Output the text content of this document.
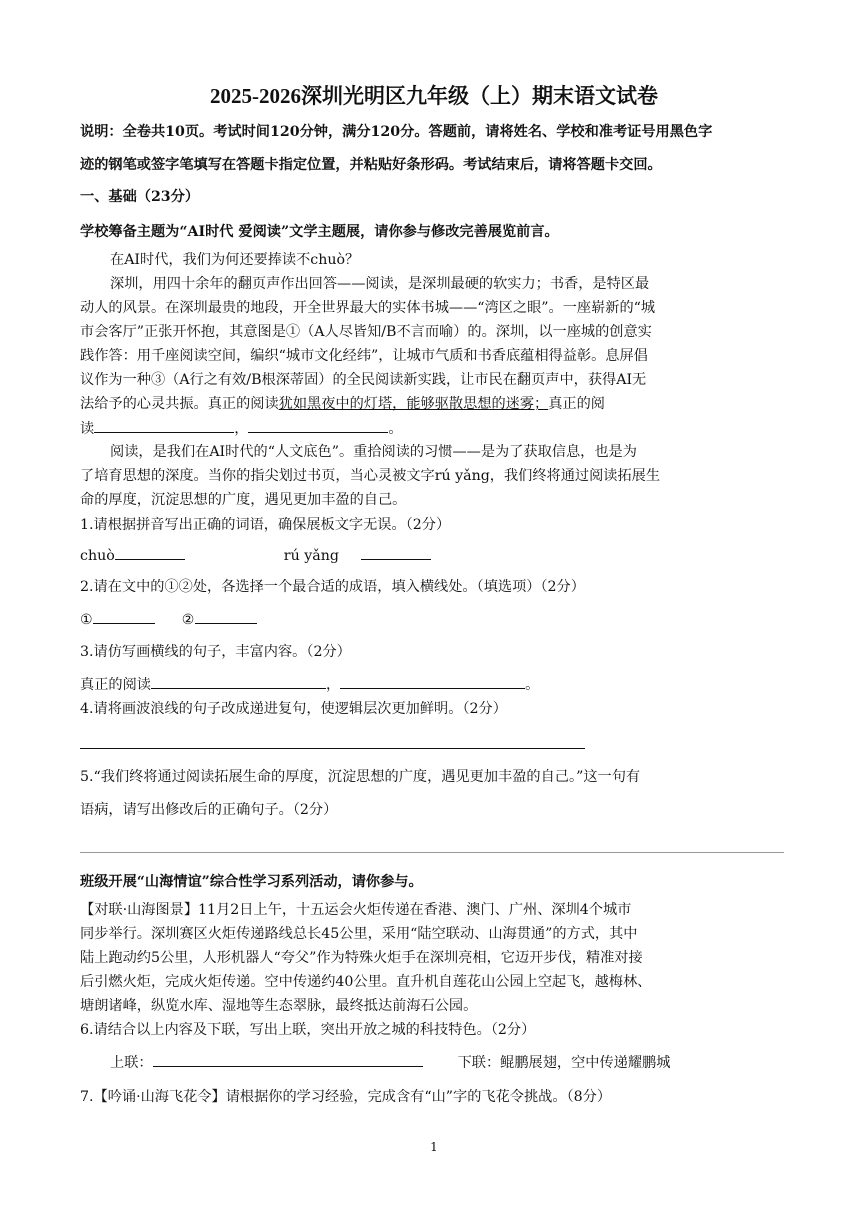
2025-2026深圳光明区九年级（上）期末语文试卷
说明：全卷共10页。考试时间120分钟，满分120分。答题前，请将姓名、学校和准考证号用黑色字
迹的钢笔或签字笔填写在答题卡指定位置，并粘贴好条形码。考试结束后，请将答题卡交回。
一、基础（23分）
学校筹备主题为“AI时代 爱阅读”文学主题展，请你参与修改完善展览前言。
在AI时代，我们为何还要捧读不chuò？
深圳，用四十余年的翻页声作出回答——阅读，是深圳最硬的软实力；书香，是特区最
动人的风景。在深圳最贵的地段，开全世界最大的实体书城——“湾区之眼”。一座崭新的“城
市会客厅”正张开怀抱，其意图是①（A人尽皆知/B不言而喻）的。深圳，以一座城的创意实
践作答：用千座阅读空间，编织“城市文化经纬”，让城市气质和书香底蕴相得益彰。息屏倡
议作为一种③（A行之有效/B根深蒂固）的全民阅读新实践，让市民在翻页声中，获得AI无
法给予的心灵共振。真正的阅读犹如黑夜中的灯塔，能够驱散思想的迷雾；真正的阅
读	，	。
阅读，是我们在AI时代的“人文底色”。重拾阅读的习惯——是为了获取信息，也是为
了培育思想的深度。当你的指尖划过书页，当心灵被文字rú yǎng，我们终将通过阅读拓展生
命的厚度，沉淀思想的广度，遇见更加丰盈的自己。
1.请根据拼音写出正确的词语，确保展板文字无误。（2分）
chuò	rú yǎng
2.请在文中的①②处，各选择一个最合适的成语，填入横线处。（填选项）（2分）
①	②
3.请仿写画横线的句子，丰富内容。（2分）
真正的阅读	，	。
4.请将画波浪线的句子改成递进复句，使逻辑层次更加鲜明。（2分）
5.“我们终将通过阅读拓展生命的厚度，沉淀思想的广度，遇见更加丰盈的自己。”这一句有
语病，请写出修改后的正确句子。（2分）
班级开展“山海情谊”综合性学习系列活动，请你参与。
【对联·山海图景】11月2日上午，十五运会火炬传递在香港、澳门、广州、深圳4个城市
同步举行。深圳赛区火炬传递路线总长45公里，采用“陆空联动、山海贯通”的方式，其中
陆上跑动约5公里，人形机器人“夸父”作为特殊火炬手在深圳亮相，它迈开步伐，精准对接
后引燃火炬，完成火炬传递。空中传递约40公里。直升机自莲花山公园上空起飞，越梅林、
塘朗诸峰，纵览水库、湿地等生态翠脉，最终抵达前海石公园。
6.请结合以上内容及下联，写出上联，突出开放之城的科技特色。（2分）
上联：	下联：鲲鹏展翅，空中传递耀鹏城
7.【吟诵·山海飞花令】请根据你的学习经验，完成含有“山”字的飞花令挑战。（8分）
1
